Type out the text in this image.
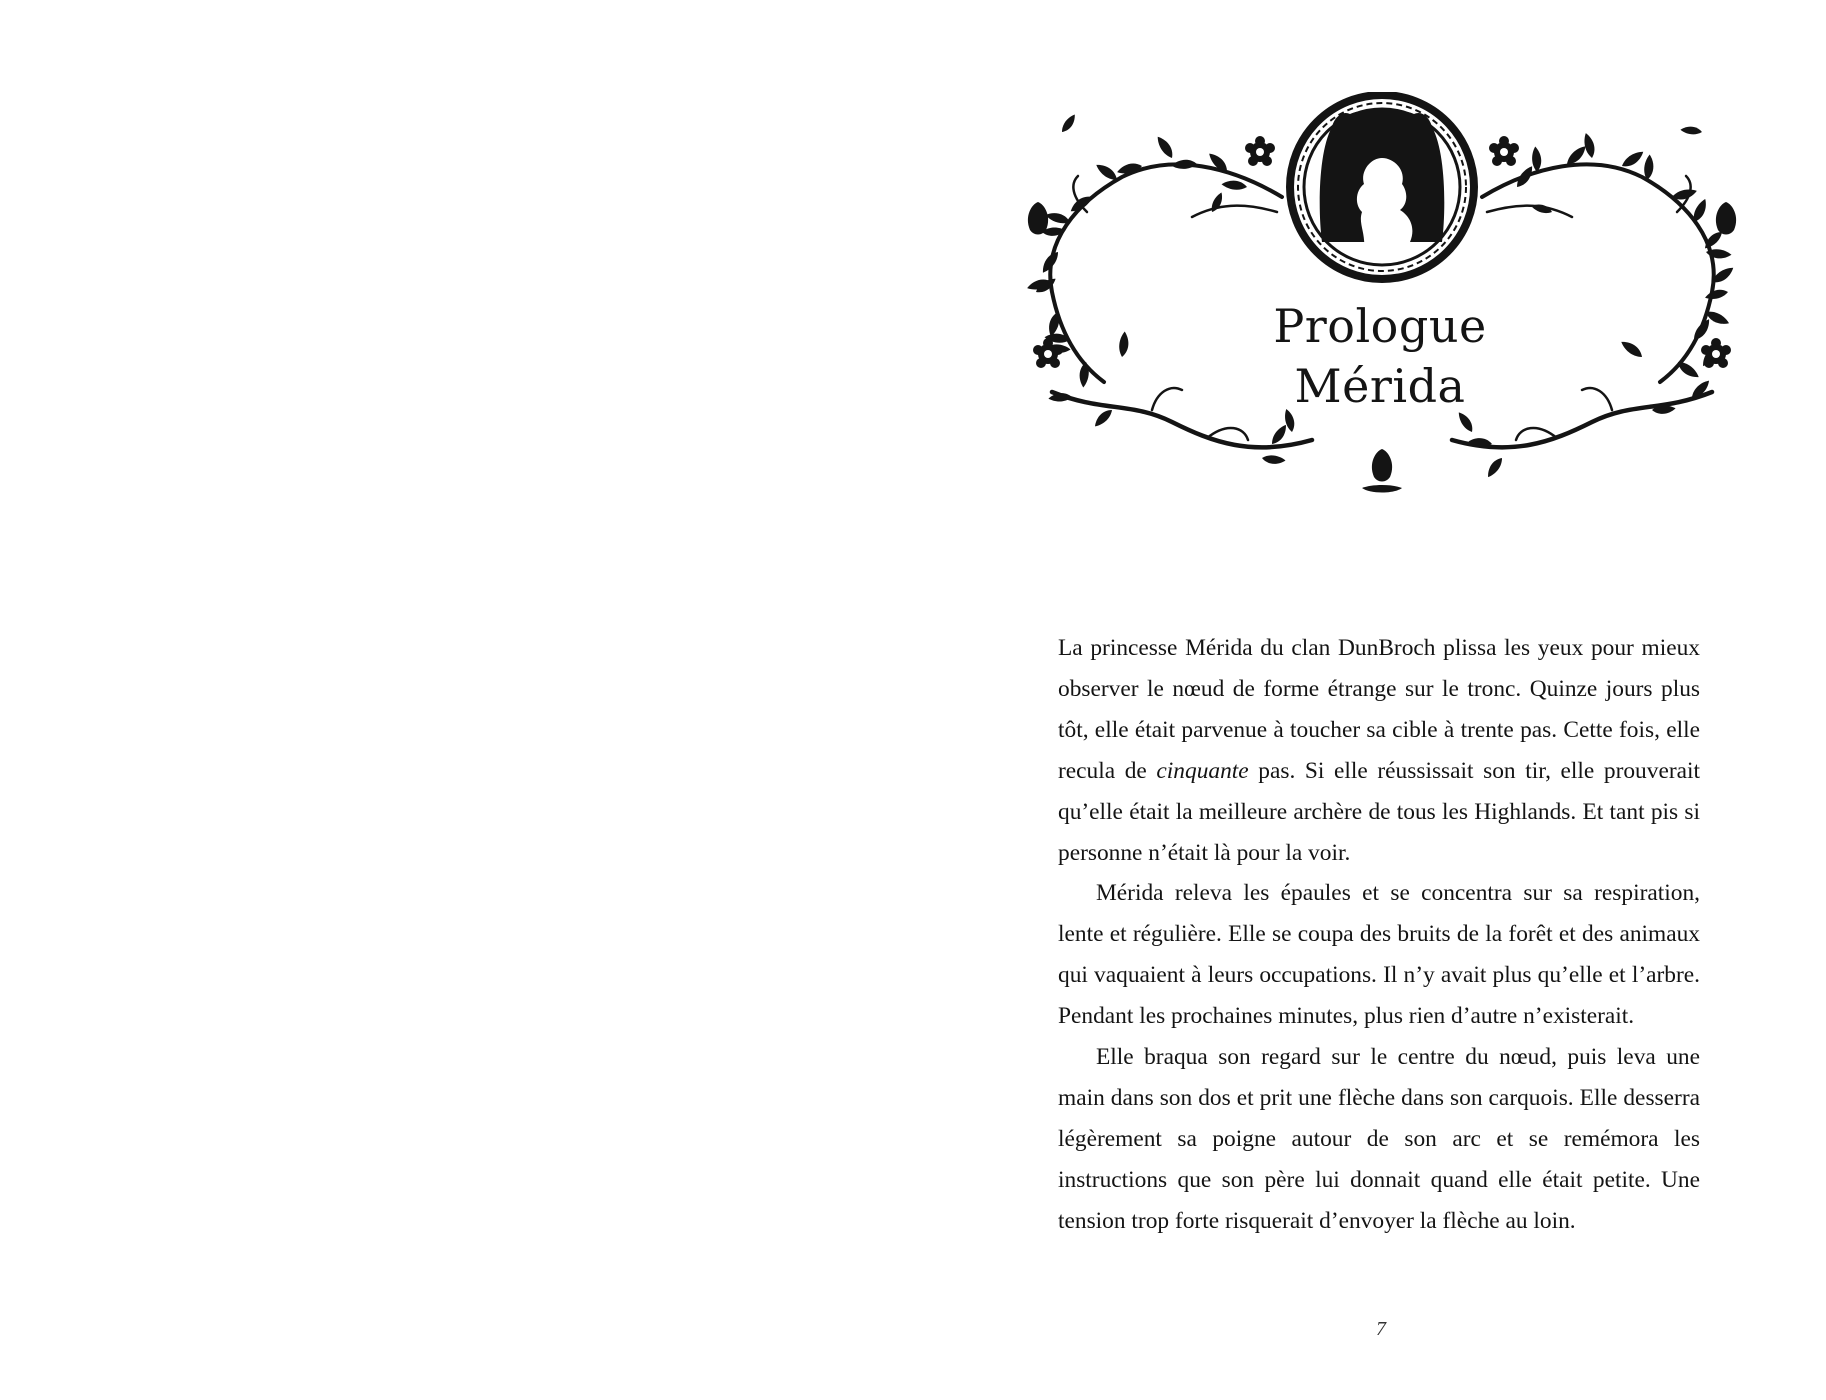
Prologue
Mérida

La princesse Mérida du clan DunBroch plissa les yeux pour mieux observer le nœud de forme étrange sur le tronc. Quinze jours plus tôt, elle était parvenue à toucher sa cible à trente pas. Cette fois, elle recula de cinquante pas. Si elle réussissait son tir, elle prouverait qu’elle était la meilleure archère de tous les Highlands. Et tant pis si personne n’était là pour la voir.

Mérida releva les épaules et se concentra sur sa respiration, lente et régulière. Elle se coupa des bruits de la forêt et des animaux qui vaquaient à leurs occupations. Il n’y avait plus qu’elle et l’arbre. Pendant les prochaines minutes, plus rien d’autre n’existerait.

Elle braqua son regard sur le centre du nœud, puis leva une main dans son dos et prit une flèche dans son carquois. Elle desserra légèrement sa poigne autour de son arc et se remémora les instructions que son père lui donnait quand elle était petite. Une tension trop forte risquerait d’envoyer la flèche au loin.

7
